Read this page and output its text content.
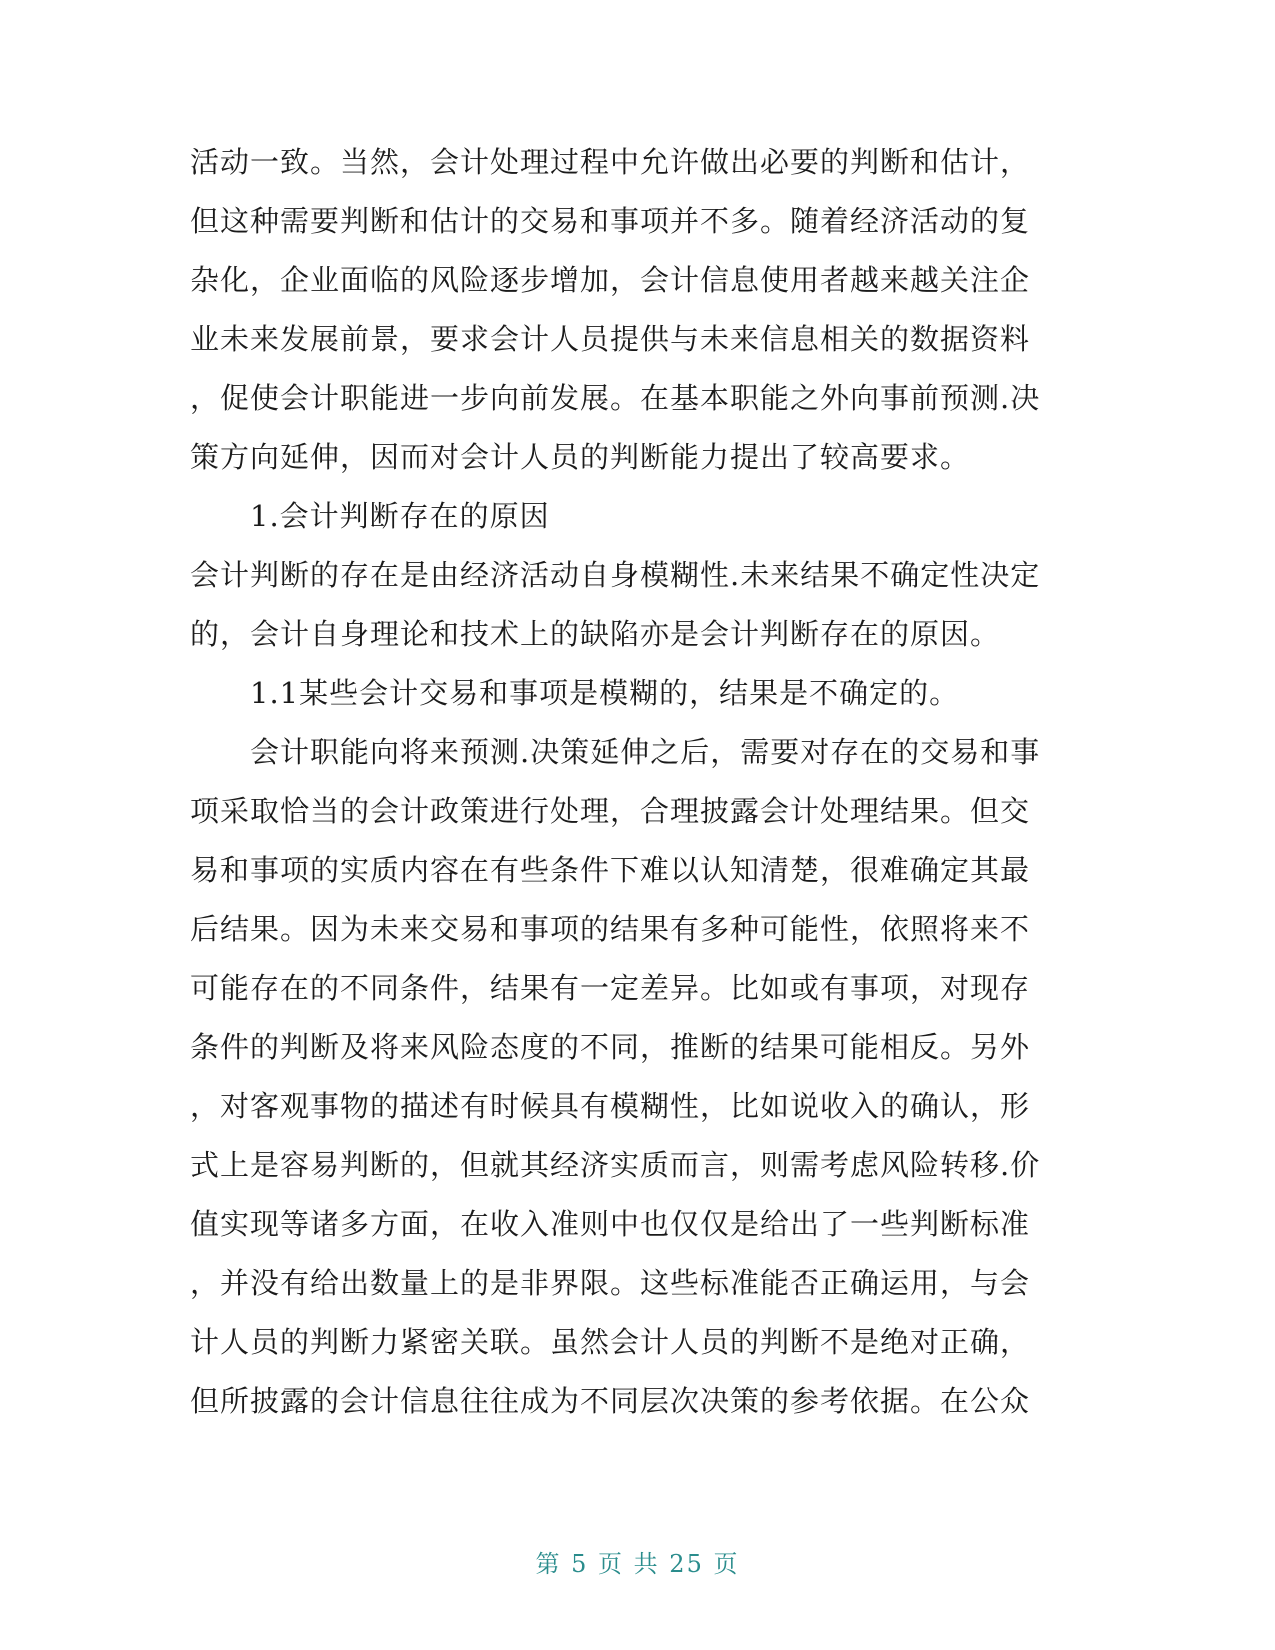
活动一致。当然，会计处理过程中允许做出必要的判断和估计，
但这种需要判断和估计的交易和事项并不多。随着经济活动的复
杂化，企业面临的风险逐步增加，会计信息使用者越来越关注企
业未来发展前景，要求会计人员提供与未来信息相关的数据资料
，促使会计职能进一步向前发展。在基本职能之外向事前预测.决
策方向延伸，因而对会计人员的判断能力提出了较高要求。
1.会计判断存在的原因
会计判断的存在是由经济活动自身模糊性.未来结果不确定性决定
的，会计自身理论和技术上的缺陷亦是会计判断存在的原因。
1.1某些会计交易和事项是模糊的，结果是不确定的。
会计职能向将来预测.决策延伸之后，需要对存在的交易和事
项采取恰当的会计政策进行处理，合理披露会计处理结果。但交
易和事项的实质内容在有些条件下难以认知清楚，很难确定其最
后结果。因为未来交易和事项的结果有多种可能性，依照将来不
可能存在的不同条件，结果有一定差异。比如或有事项，对现存
条件的判断及将来风险态度的不同，推断的结果可能相反。另外
，对客观事物的描述有时候具有模糊性，比如说收入的确认，形
式上是容易判断的，但就其经济实质而言，则需考虑风险转移.价
值实现等诸多方面，在收入准则中也仅仅是给出了一些判断标准
，并没有给出数量上的是非界限。这些标准能否正确运用，与会
计人员的判断力紧密关联。虽然会计人员的判断不是绝对正确，
但所披露的会计信息往往成为不同层次决策的参考依据。在公众
第 5 页 共 25 页
